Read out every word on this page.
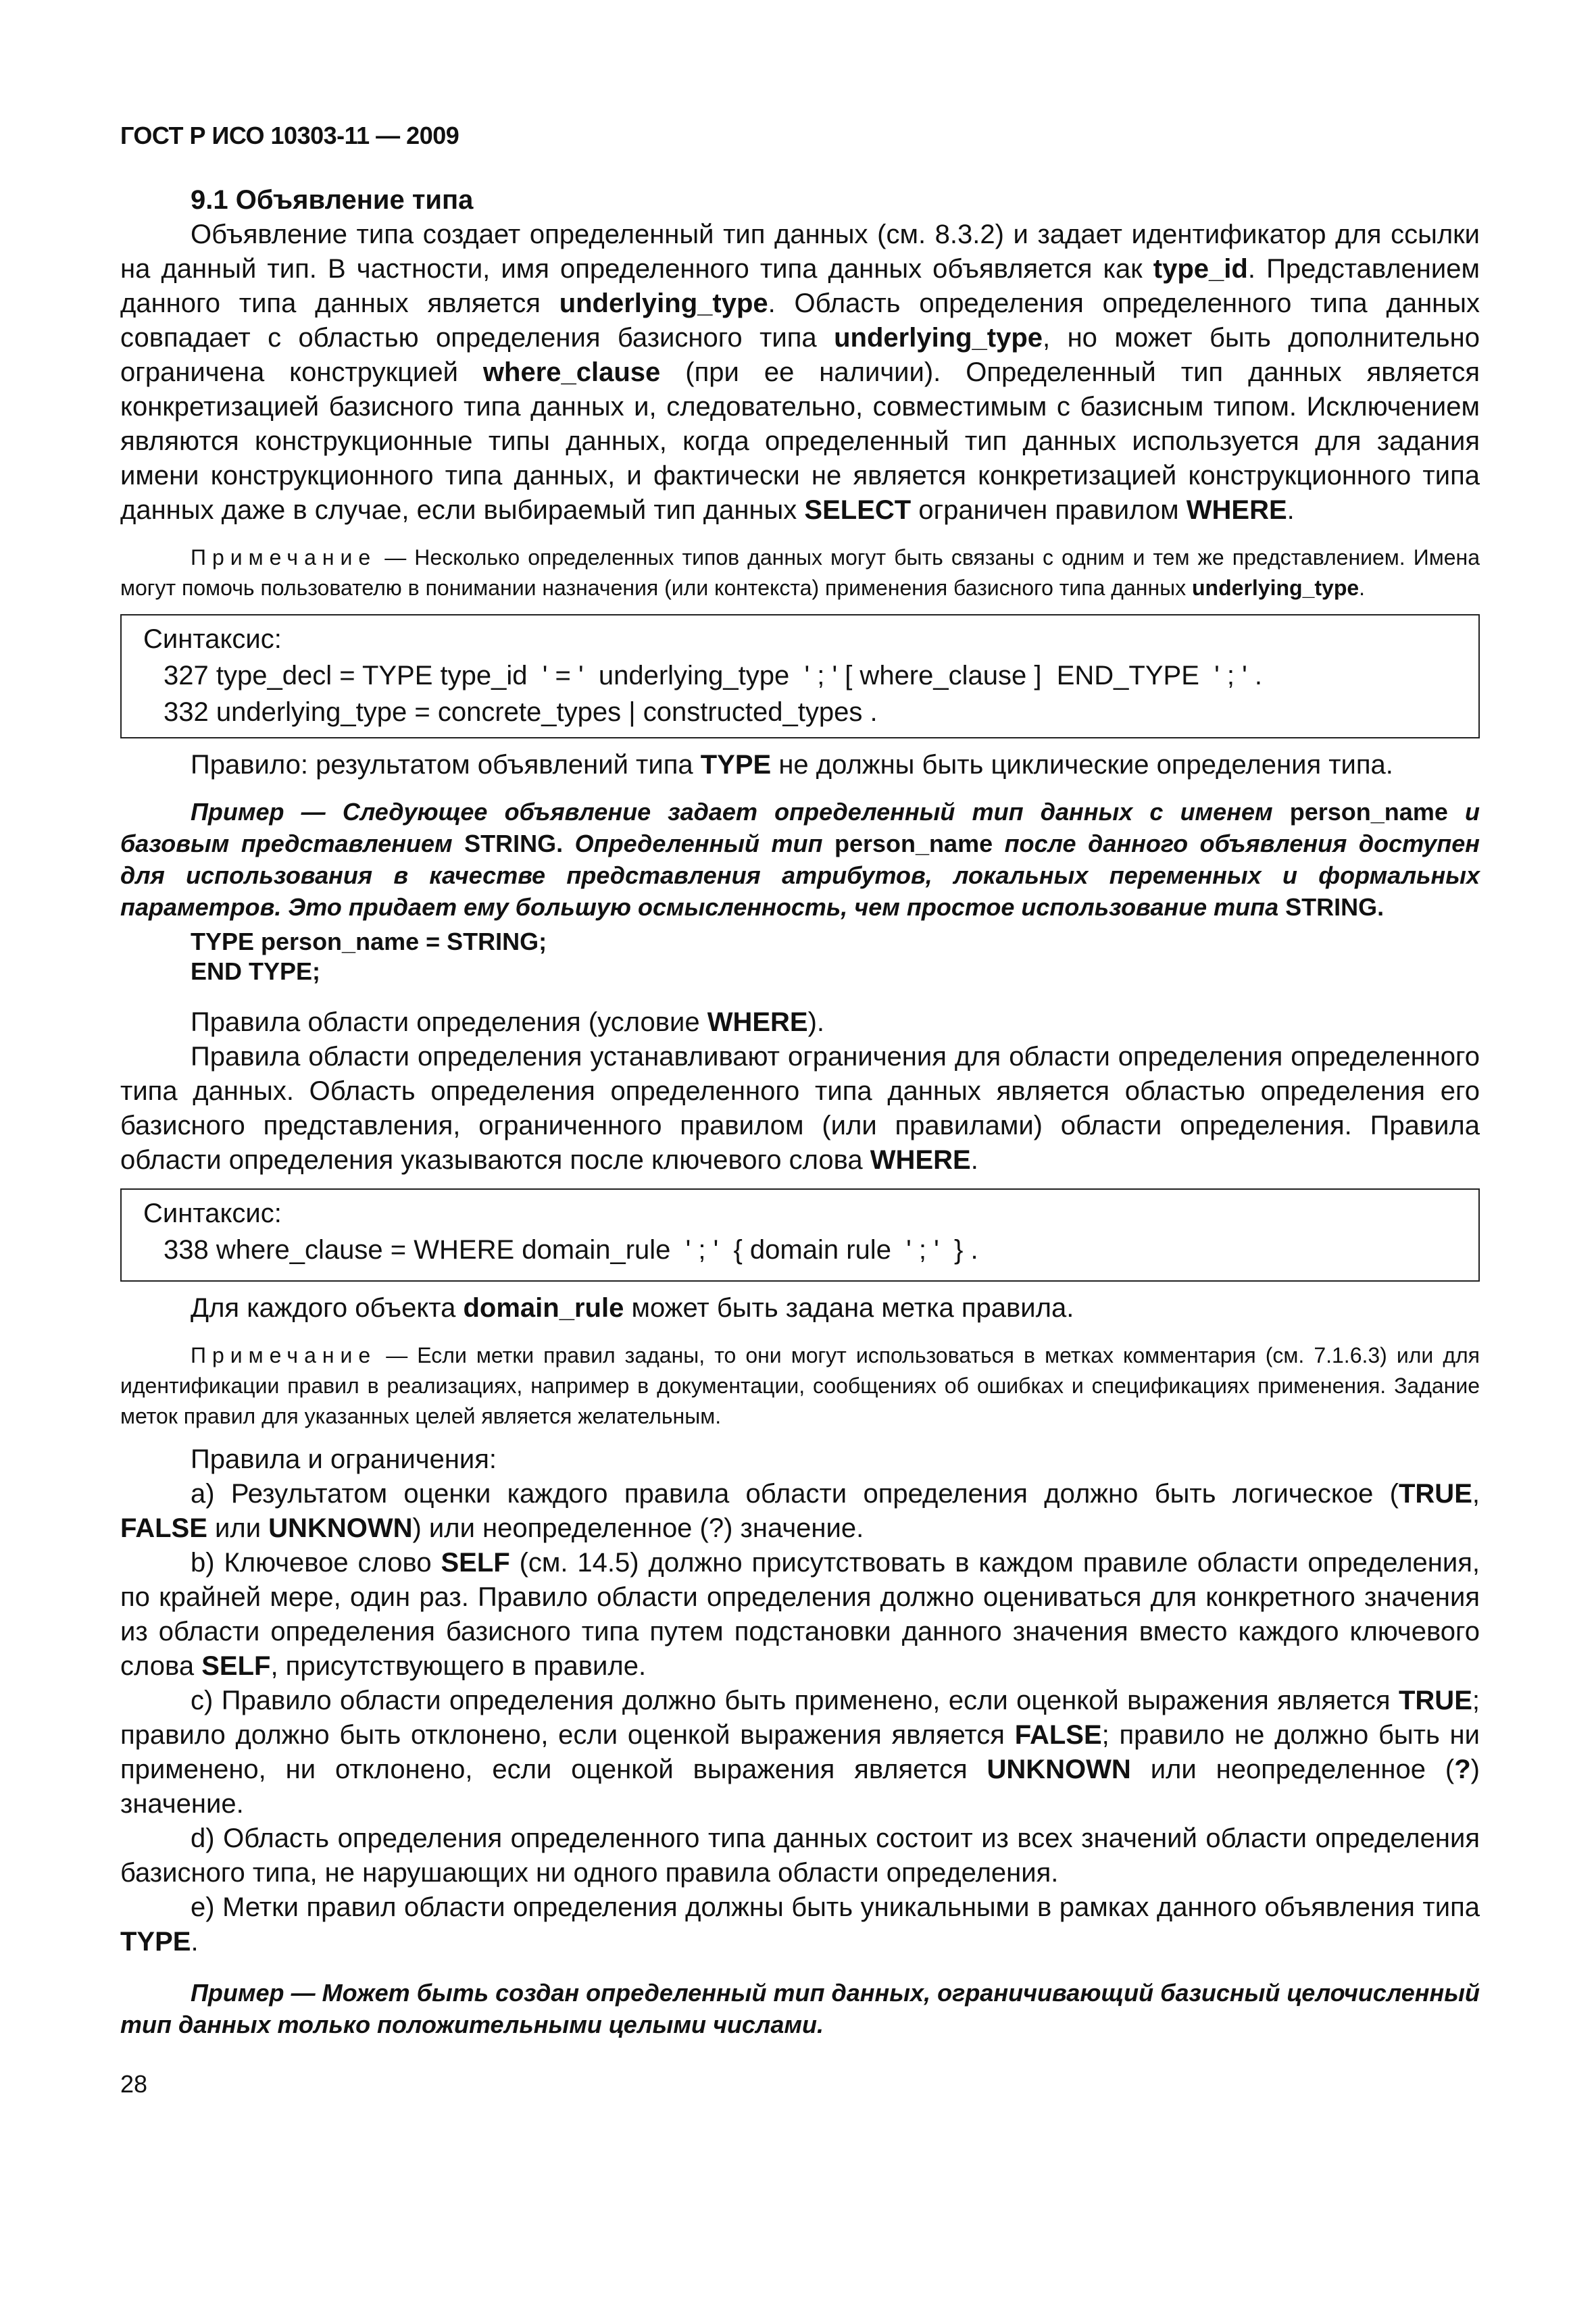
ГОСТ Р ИСО 10303-11 — 2009
9.1 Объявление типа

Объявление типа создает определенный тип данных (см. 8.3.2) и задает идентификатор для ссылки на данный тип. В частности, имя определенного типа данных объявляется как type_id. Представлением данного типа данных является underlying_type. Область определения определенного типа данных совпадает с областью определения базисного типа underlying_type, но может быть дополнительно ограничена конструкцией where_clause (при ее наличии). Определенный тип данных является конкретизацией базисного типа данных и, следовательно, совместимым с базисным типом. Исключением являются конструкционные типы данных, когда определенный тип данных используется для задания имени конструкционного типа данных, и фактически не является конкретизацией конструкционного типа данных даже в случае, если выбираемый тип данных SELECT ограничен правилом WHERE.

Примечание — Несколько определенных типов данных могут быть связаны с одним и тем же представлением. Имена могут помочь пользователю в понимании назначения (или контекста) применения базисного типа данных underlying_type.
Синтаксис:
327 type_decl = TYPE type_id  ' = '  underlying_type  ' ; ' [ where_clause ]  END_TYPE  ' ; ' .
332 underlying_type = concrete_types | constructed_types .

Правило: результатом объявлений типа TYPE не должны быть циклические определения типа.

Пример — Следующее объявление задает определенный тип данных с именем person_name и базовым представлением STRING. Определенный тип person_name после данного объявления доступен для использования в качестве представления атрибутов, локальных переменных и формальных параметров. Это придает ему большую осмысленность, чем простое использование типа STRING.
TYPE person_name = STRING;
END TYPE;

Правила области определения (условие WHERE).

Правила области определения устанавливают ограничения для области определения определенного типа данных. Область определения определенного типа данных является областью определения его базисного представления, ограниченного правилом (или правилами) области определения. Правила области определения указываются после ключевого слова WHERE.

Синтаксис:
338 where_clause = WHERE domain_rule  ' ; '  { domain rule  ' ; '  } .

Для каждого объекта domain_rule может быть задана метка правила.

Примечание — Если метки правил заданы, то они могут использоваться в метках комментария (см. 7.1.6.3) или для идентификации правил в реализациях, например в документации, сообщениях об ошибках и спецификациях применения. Задание меток правил для указанных целей является желательным.

Правила и ограничения:

a) Результатом оценки каждого правила области определения должно быть логическое (TRUE, FALSE или UNKNOWN) или неопределенное (?) значение.

b) Ключевое слово SELF (см. 14.5) должно присутствовать в каждом правиле области определения, по крайней мере, один раз. Правило области определения должно оцениваться для конкретного значения из области определения базисного типа путем подстановки данного значения вместо каждого ключевого слова SELF, присутствующего в правиле.

c) Правило области определения должно быть применено, если оценкой выражения является TRUE; правило должно быть отклонено, если оценкой выражения является FALSE; правило не должно быть ни применено, ни отклонено, если оценкой выражения является UNKNOWN или неопределенное (?) значение.

d) Область определения определенного типа данных состоит из всех значений области определения базисного типа, не нарушающих ни одного правила области определения.

e) Метки правил области определения должны быть уникальными в рамках данного объявления типа TYPE.

Пример — Может быть создан определенный тип данных, ограничивающий базисный целочисленный тип данных только положительными целыми числами.
28
